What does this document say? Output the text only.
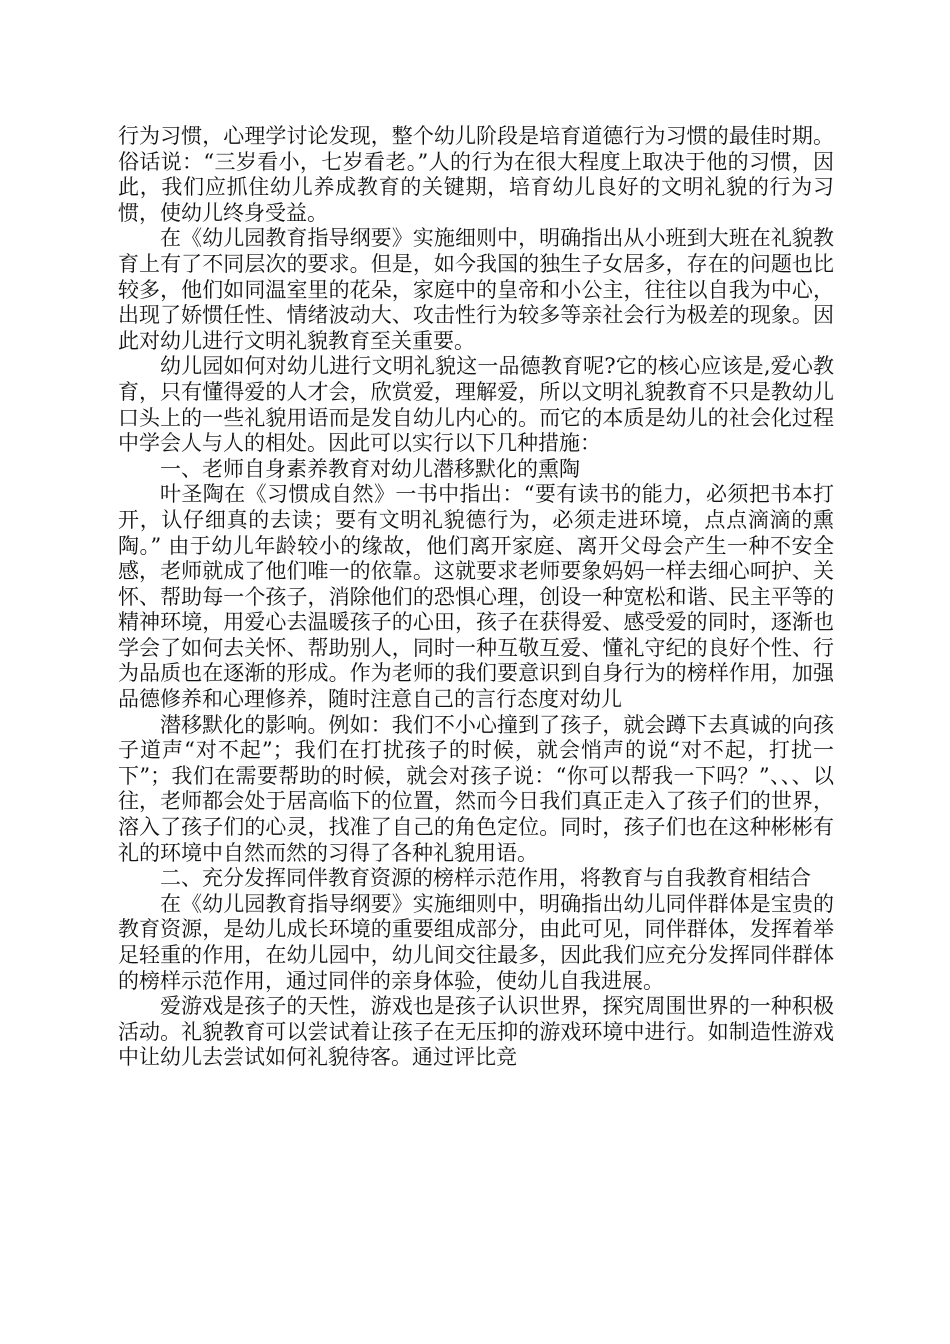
行为习惯，心理学讨论发现，整个幼儿阶段是培育道德行为习惯的最佳时期。俗话说：“三岁看小，七岁看老。”人的行为在很大程度上取决于他的习惯，因此，我们应抓住幼儿养成教育的关键期，培育幼儿良好的文明礼貌的行为习惯，使幼儿终身受益。

在《幼儿园教育指导纲要》实施细则中，明确指出从小班到大班在礼貌教育上有了不同层次的要求。但是，如今我国的独生子女居多，存在的问题也比较多，他们如同温室里的花朵，家庭中的皇帝和小公主，往往以自我为中心，出现了娇惯任性、情绪波动大、攻击性行为较多等亲社会行为极差的现象。因此对幼儿进行文明礼貌教育至关重要。

幼儿园如何对幼儿进行文明礼貌这一品德教育呢?它的核心应该是,爱心教育，只有懂得爱的人才会，欣赏爱，理解爱，所以文明礼貌教育不只是教幼儿口头上的一些礼貌用语而是发自幼儿内心的。而它的本质是幼儿的社会化过程中学会人与人的相处。因此可以实行以下几种措施：

一、老师自身素养教育对幼儿潜移默化的熏陶

叶圣陶在《习惯成自然》一书中指出：“要有读书的能力，必须把书本打开，认仔细真的去读；要有文明礼貌德行为，必须走进环境，点点滴滴的熏陶。” 由于幼儿年龄较小的缘故，他们离开家庭、离开父母会产生一种不安全感，老师就成了他们唯一的依靠。这就要求老师要象妈妈一样去细心呵护、关怀、帮助每一个孩子，消除他们的恐惧心理，创设一种宽松和谐、民主平等的精神环境，用爱心去温暖孩子的心田，孩子在获得爱、感受爱的同时，逐渐也学会了如何去关怀、帮助别人，同时一种互敬互爱、懂礼守纪的良好个性、行为品质也在逐渐的形成。作为老师的我们要意识到自身行为的榜样作用，加强品德修养和心理修养，随时注意自己的言行态度对幼儿

潜移默化的影响。例如：我们不小心撞到了孩子，就会蹲下去真诚的向孩子道声“对不起”；我们在打扰孩子的时候，就会悄声的说“对不起，打扰一下”；我们在需要帮助的时候，就会对孩子说：“你可以帮我一下吗？”、、、以往，老师都会处于居高临下的位置，然而今日我们真正走入了孩子们的世界，溶入了孩子们的心灵，找准了自己的角色定位。同时，孩子们也在这种彬彬有礼的环境中自然而然的习得了各种礼貌用语。

二、充分发挥同伴教育资源的榜样示范作用，将教育与自我教育相结合

在《幼儿园教育指导纲要》实施细则中，明确指出幼儿同伴群体是宝贵的教育资源，是幼儿成长环境的重要组成部分，由此可见，同伴群体，发挥着举足轻重的作用，在幼儿园中，幼儿间交往最多，因此我们应充分发挥同伴群体的榜样示范作用，通过同伴的亲身体验，使幼儿自我进展。

爱游戏是孩子的天性，游戏也是孩子认识世界，探究周围世界的一种积极活动。礼貌教育可以尝试着让孩子在无压抑的游戏环境中进行。如制造性游戏中让幼儿去尝试如何礼貌待客。通过评比竞
